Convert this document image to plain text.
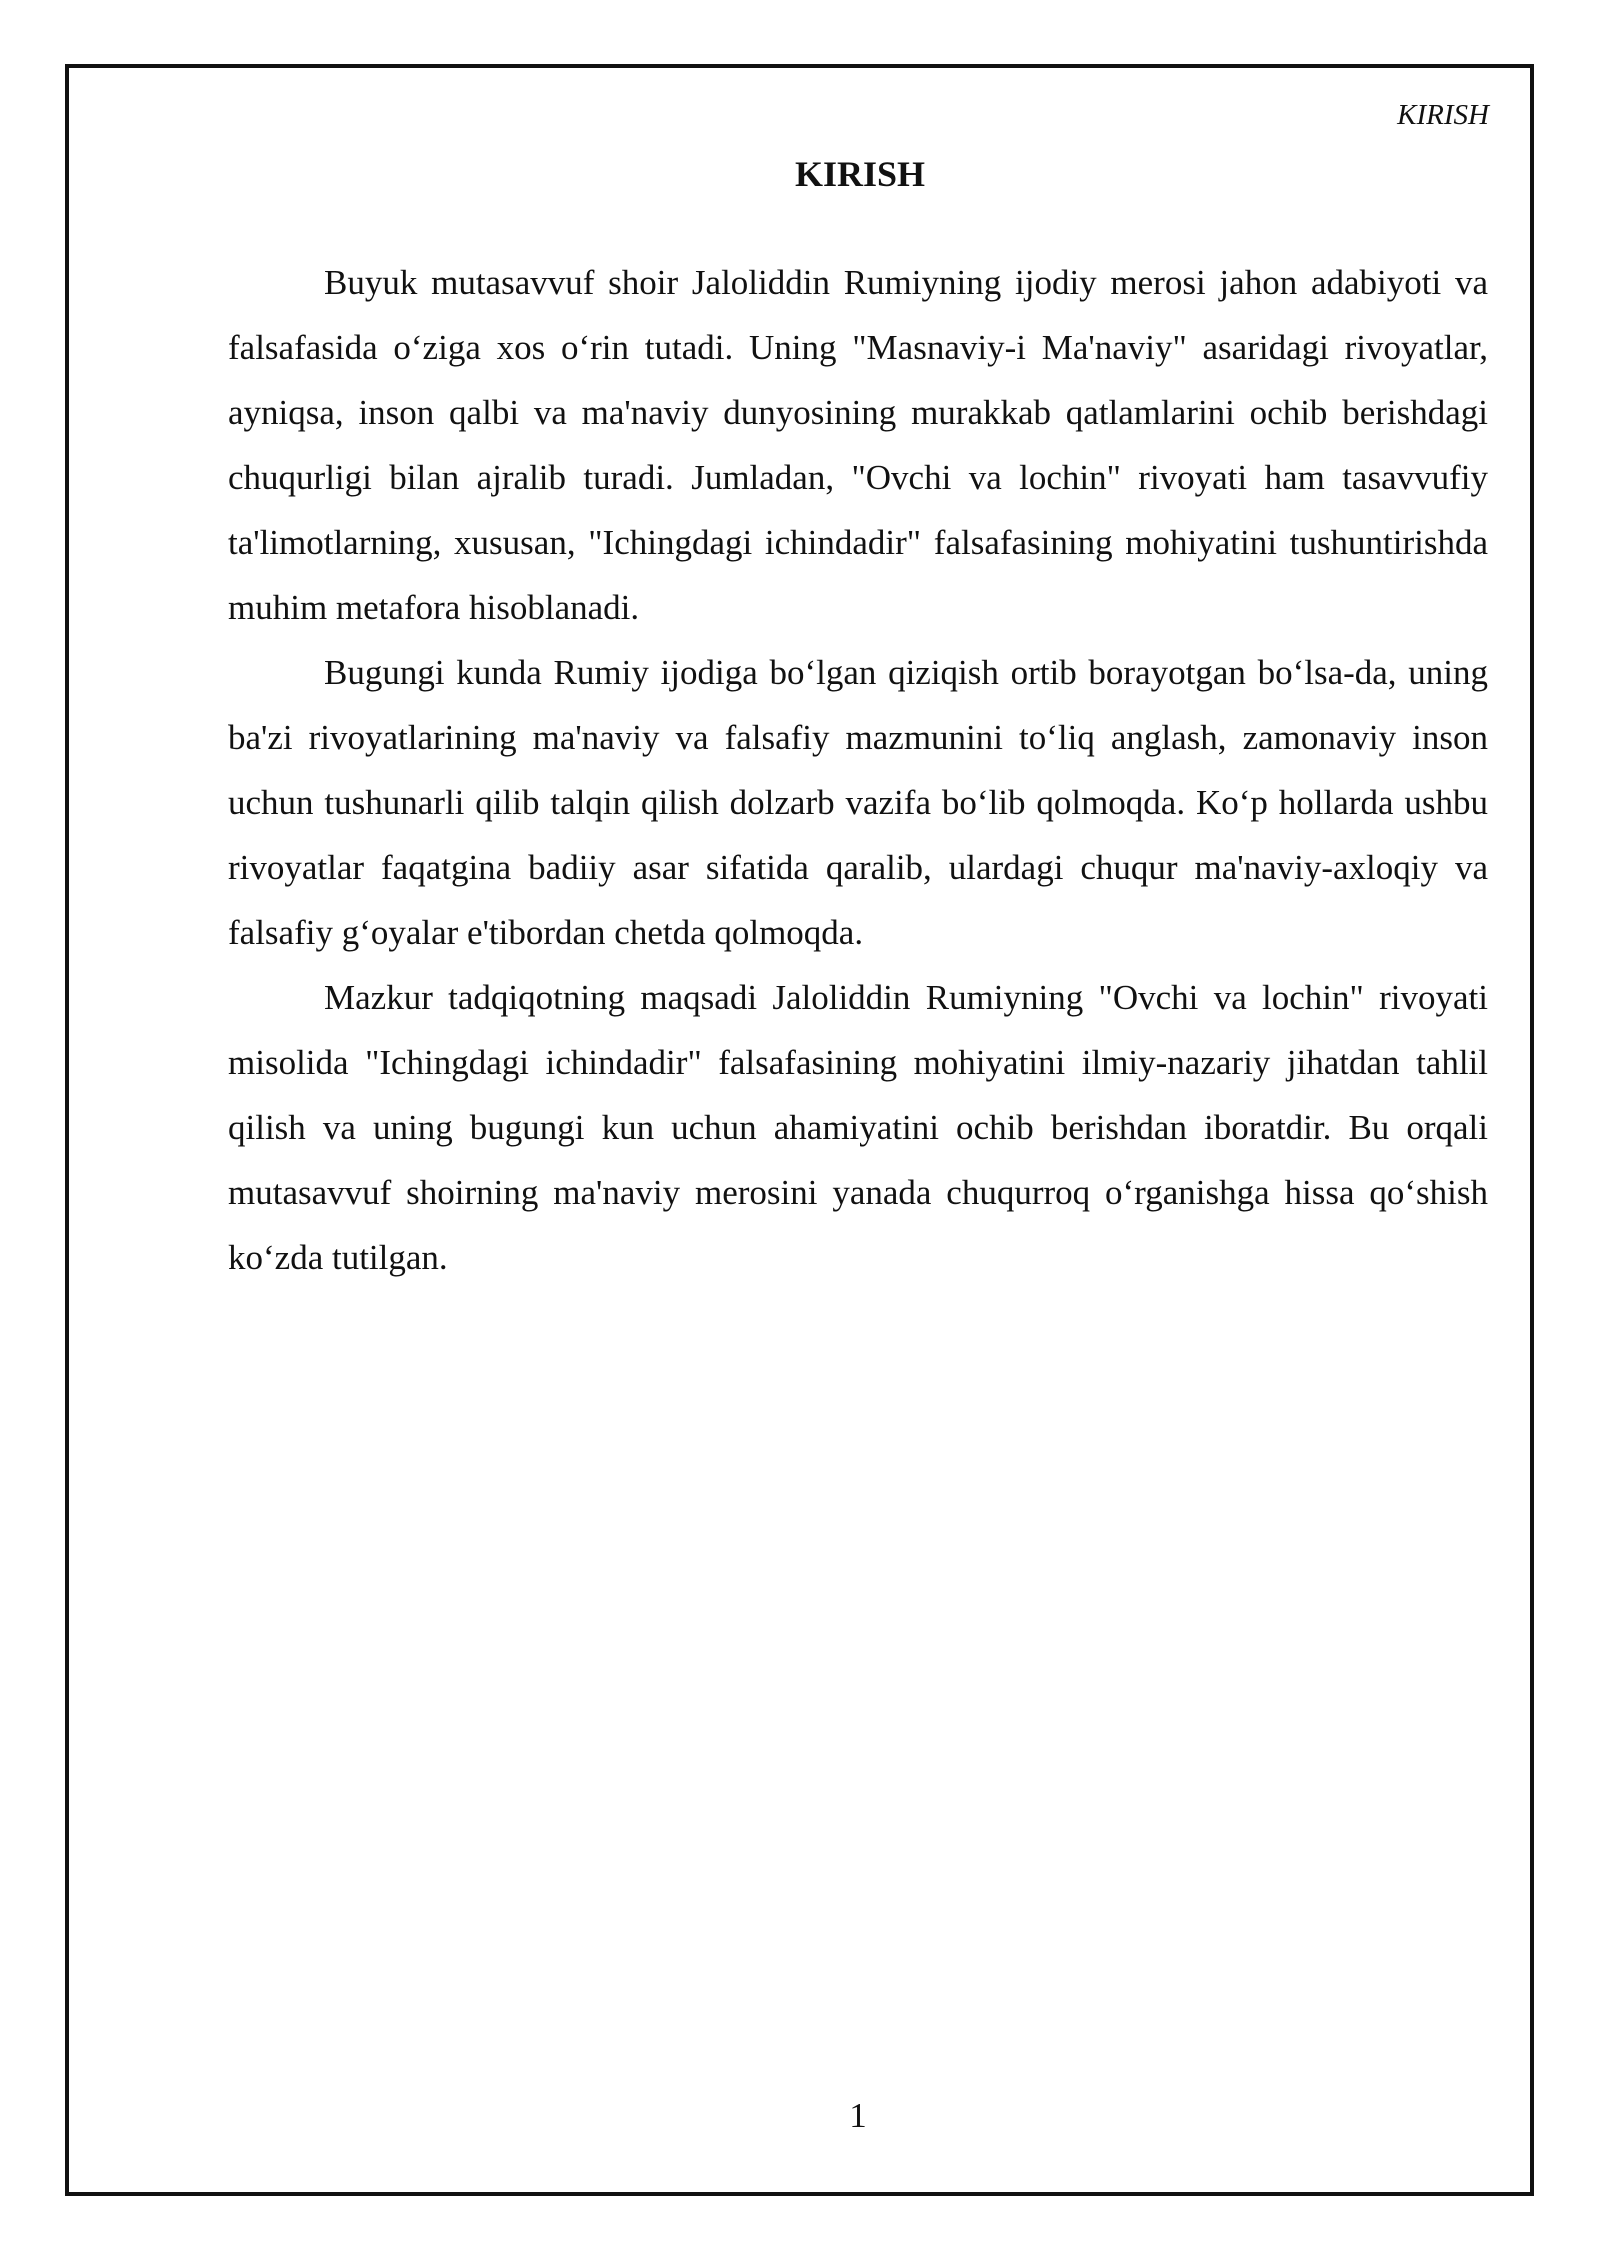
KIRISH
KIRISH

Buyuk mutasavvuf shoir Jaloliddin Rumiyning ijodiy merosi jahon adabiyoti va falsafasida o‘ziga xos o‘rin tutadi. Uning "Masnaviy-i Ma'naviy" asaridagi rivoyatlar, ayniqsa, inson qalbi va ma'naviy dunyosining murakkab qatlamlarini ochib berishdagi chuqurligi bilan ajralib turadi. Jumladan, "Ovchi va lochin" rivoyati ham tasavvufiy ta'limotlarning, xususan, "Ichingdagi ichindadir" falsafasining mohiyatini tushuntirishda muhim metafora hisoblanadi.

Bugungi kunda Rumiy ijodiga bo‘lgan qiziqish ortib borayotgan bo‘lsa-da, uning ba'zi rivoyatlarining ma'naviy va falsafiy mazmunini to‘liq anglash, zamonaviy inson uchun tushunarli qilib talqin qilish dolzarb vazifa bo‘lib qolmoqda. Ko‘p hollarda ushbu rivoyatlar faqatgina badiiy asar sifatida qaralib, ulardagi chuqur ma'naviy-axloqiy va falsafiy g‘oyalar e'tibordan chetda qolmoqda.

Mazkur tadqiqotning maqsadi Jaloliddin Rumiyning "Ovchi va lochin" rivoyati misolida "Ichingdagi ichindadir" falsafasining mohiyatini ilmiy-nazariy jihatdan tahlil qilish va uning bugungi kun uchun ahamiyatini ochib berishdan iboratdir. Bu orqali mutasavvuf shoirning ma'naviy merosini yanada chuqurroq o‘rganishga hissa qo‘shish ko‘zda tutilgan.

1
